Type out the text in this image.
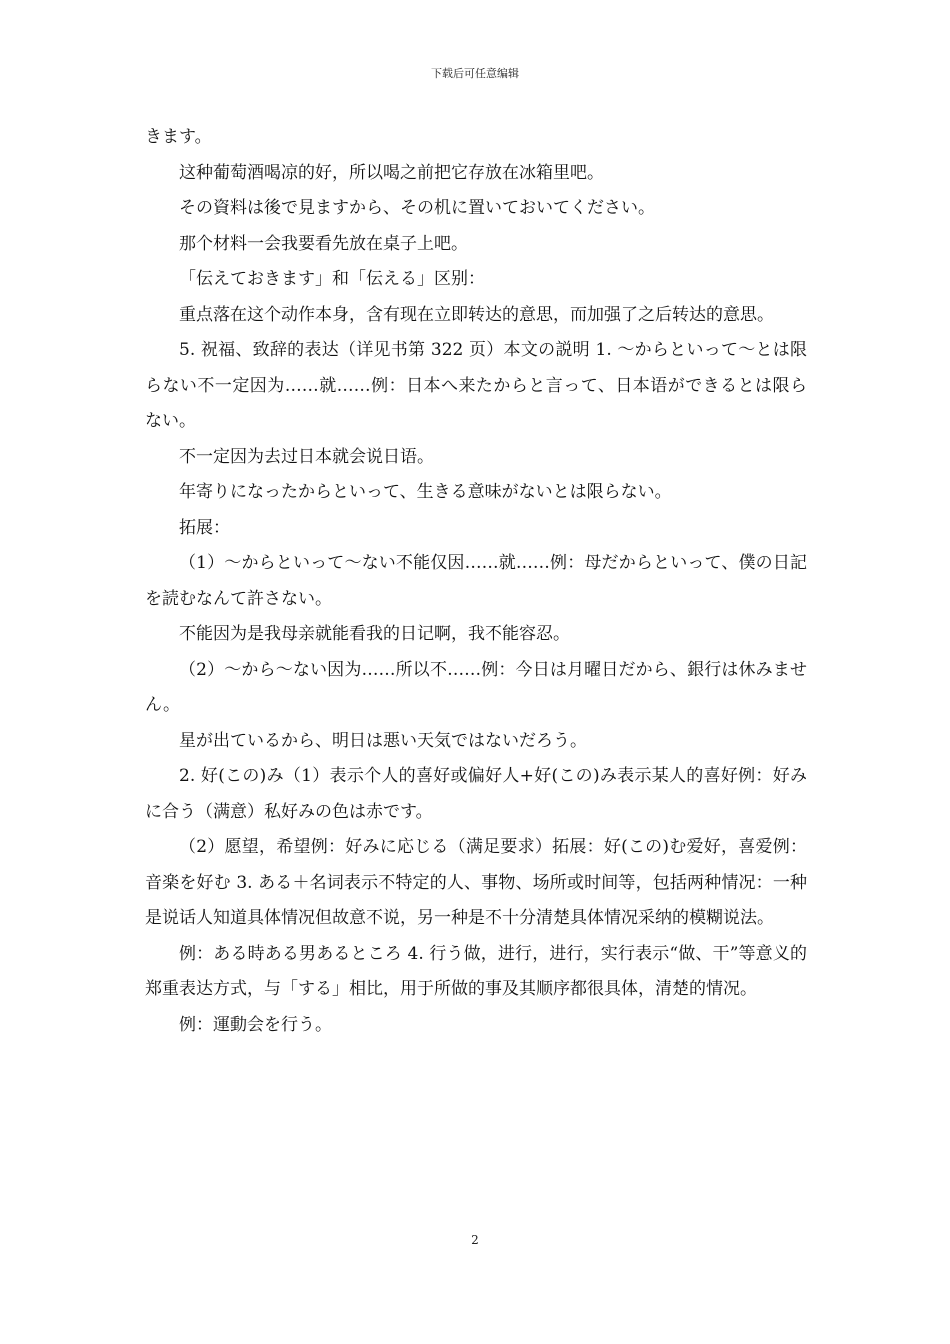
下载后可任意编辑

きます。

这种葡萄酒喝凉的好，所以喝之前把它存放在冰箱里吧。

その資料は後で見ますから、その机に置いておいてください。

那个材料一会我要看先放在桌子上吧。

「伝えておきます」和「伝える」区别：

重点落在这个动作本身，含有现在立即转达的意思，而加强了之后转达的意思。

5. 祝福、致辞的表达（详见书第 322 页）本文の説明 1. ～からといって～とは限らない不一定因为……就……例：日本へ来たからと言って、日本语ができるとは限らない。

不一定因为去过日本就会说日语。

年寄りになったからといって、生きる意味がないとは限らない。

拓展：

（1）～からといって～ない不能仅因……就……例：母だからといって、僕の日記を読むなんて許さない。

不能因为是我母亲就能看我的日记啊，我不能容忍。

（2）～から～ない因为……所以不……例：今日は月曜日だから、銀行は休みません。

星が出ているから、明日は悪い天気ではないだろう。

2. 好(この)み（1）表示个人的喜好或偏好人+好(この)み表示某人的喜好例：好みに合う（满意）私好みの色は赤です。

（2）愿望，希望例：好みに応じる（满足要求）拓展：好(この)む爱好，喜爱例：音楽を好む 3. ある＋名词表示不特定的人、事物、场所或时间等，包括两种情况：一种是说话人知道具体情况但故意不说，另一种是不十分清楚具体情况采纳的模糊说法。

例：ある時ある男あるところ 4. 行う做，进行，进行，实行表示“做、干”等意义的郑重表达方式，与「する」相比，用于所做的事及其顺序都很具体，清楚的情况。

例：運動会を行う。

2
